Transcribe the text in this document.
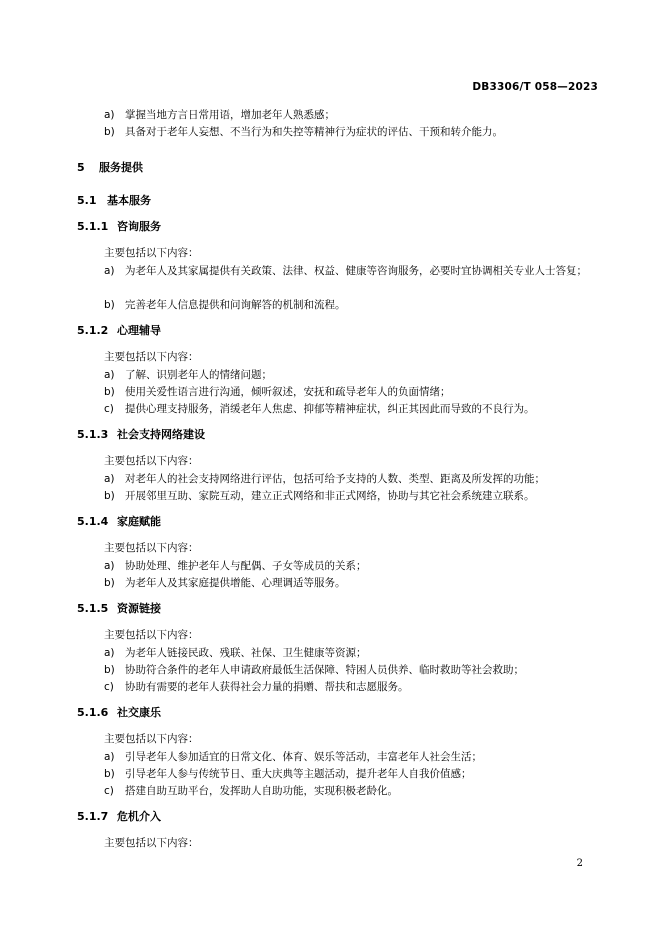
DB3306/T 058—2023
a) 掌握当地方言日常用语，增加老年人熟悉感；
b) 具备对于老年人妄想、不当行为和失控等精神行为症状的评估、干预和转介能力。
5 服务提供
5.1 基本服务
5.1.1 咨询服务
主要包括以下内容：
a) 为老年人及其家属提供有关政策、法律、权益、健康等咨询服务，必要时宜协调相关专业人士答复；
b) 完善老年人信息提供和问询解答的机制和流程。
5.1.2 心理辅导
主要包括以下内容：
a) 了解、识别老年人的情绪问题；
b) 使用关爱性语言进行沟通，倾听叙述，安抚和疏导老年人的负面情绪；
c)	提供心理支持服务，消缓老年人焦虑、抑郁等精神症状，纠正其因此而导致的不良行为。
5.1.3 社会支持网络建设
主要包括以下内容：
a) 对老年人的社会支持网络进行评估，包括可给予支持的人数、类型、距离及所发挥的功能；
b) 开展邻里互助、家院互动，建立正式网络和非正式网络，协助与其它社会系统建立联系。
5.1.4 家庭赋能
主要包括以下内容：
a) 协助处理、维护老年人与配偶、子女等成员的关系；
b) 为老年人及其家庭提供增能、心理调适等服务。
5.1.5 资源链接
主要包括以下内容：
a) 为老年人链接民政、残联、社保、卫生健康等资源；
b) 协助符合条件的老年人申请政府最低生活保障、特困人员供养、临时救助等社会救助；
c)	协助有需要的老年人获得社会力量的捐赠、帮扶和志愿服务。
5.1.6 社交康乐
主要包括以下内容：
a) 引导老年人参加适宜的日常文化、体育、娱乐等活动，丰富老年人社会生活；
b) 引导老年人参与传统节日、重大庆典等主题活动，提升老年人自我价值感；
c)	搭建自助互助平台，发挥助人自助功能，实现积极老龄化。
5.1.7 危机介入
主要包括以下内容：
2
